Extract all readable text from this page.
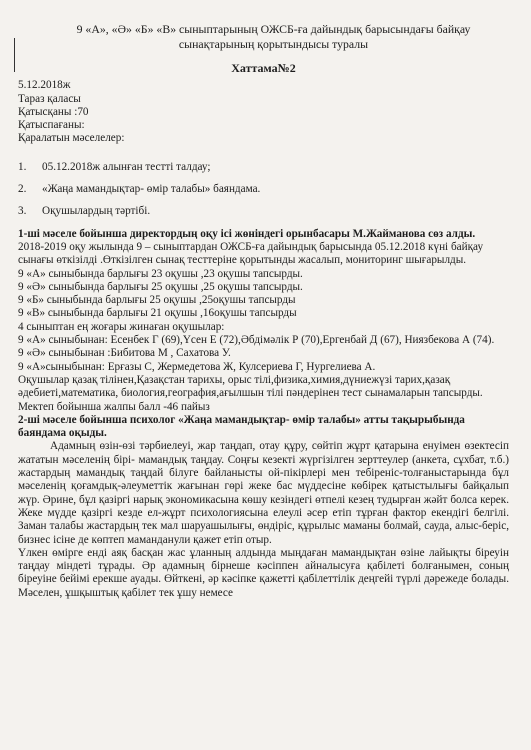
9 «А», «Ә» «Б» «В» сыныптарының ОЖСБ-ға дайындық барысындағы байқау
сынақтарының қорытындысы туралы
Хаттама№2
5.12.2018ж
Тараз қаласы
Қатысқаны :70
Қатыспағаны:
Қаралатын мәселелер:
1. 05.12.2018ж алынған тестті талдау;
2. «Жаңа мамандықтар- өмір талабы» баяндама.
3. Оқушылардың тәртібі.

1-ші мәселе бойынша директордың оқу ісі жөніндегі орынбасары М.Жайманова сөз алды.

2018-2019 оқу жылында 9 – сыныптардан ОЖСБ-ға дайындық барысында 05.12.2018 күні байқау сынағы өткізілді .Өткізілген сынақ тесттеріне қорытынды жасалып, мониторинг шығарылды.

9 «А» сыныбында барлығы 23 оқушы ,23 оқушы тапсырды.
9 «Ә» сыныбында барлығы 25 оқушы ,25 оқушы тапсырды.
9 «Б» сыныбында барлығы 25 оқушы ,25оқушы тапсырды
9 «В» сыныбында барлығы 21 оқушы ,16оқушы тапсырды
4 сыныптан ең жоғары жинаған оқушылар:

9 «А» сыныбынан: Есенбек Г (69),Үсен Е (72),Әбдімәлік Р (70),Ергенбай Д (67), Ниязбекова А (74).

9 «Ә» сыныбынан :Бибитова М , Сахатова У.
9 «А»сыныбынан: Ерғазы С, Жермедетова Ж, Кулсериева Г, Нургелиева А.

Оқушылар қазақ тілінен,Қазақстан тарихы, орыс тілі,физика,химия,дүниежүзі тарих,қазақ әдебиеті,математика, биология,география,ағылшын тілі пәндерінен тест сынамаларын тапсырды.

Мектеп бойынша жалпы балл -46 пайыз

2-ші мәселе бойынша психолог «Жаңа мамандықтар- өмір талабы» атты тақырыбында баяндама оқыды.

Адамның өзін-өзі тәрбиелеуі, жар таңдап, отау құру, сөйтіп жұрт қатарына енуімен өзектесіп жататын мәселенің бірі- мамандық таңдау. Соңғы кезекті жүргізілген зерттеулер (анкета, сұхбат, т.б.) жастардың мамандық таңдай білуге байланысты ой-пікірлері мен тебіреніс-толғаныстарында бұл мәселенің қоғамдық-әлеуметтік жағынан гөрі жеке бас мүддесіне көбірек қатыстылығы байқалып жүр. Әрине, бұл қазіргі нарық экономикасына көшу кезіндегі өтпелі кезең тудырған жәйт болса керек. Жеке мүдде қазіргі кезде ел-жұрт психологиясына елеулі әсер етіп тұрған фактор екендігі белгілі. Заман талабы жастардың тек мал шаруашылығы, өндіріс, құрылыс маманы болмай, сауда, алыс-беріс, бизнес ісіне де көптеп маманданули қажет етіп отыр.

Үлкен өмірге енді аяқ басқан жас ұланның алдында мыңдаған мамандықтан өзіне лайықты біреуін таңдау міндеті тұрады. Әр адамның бірнеше кәсіппен айналысуға қабілеті болғанымен, соның біреуіне бейімі ерекше ауады. Өйткені, әр кәсіпке қажетті қабілеттілік деңгейі түрлі дәрежеде болады. Мәселен, ұшқыштық қабілет тек ұшу немесе
